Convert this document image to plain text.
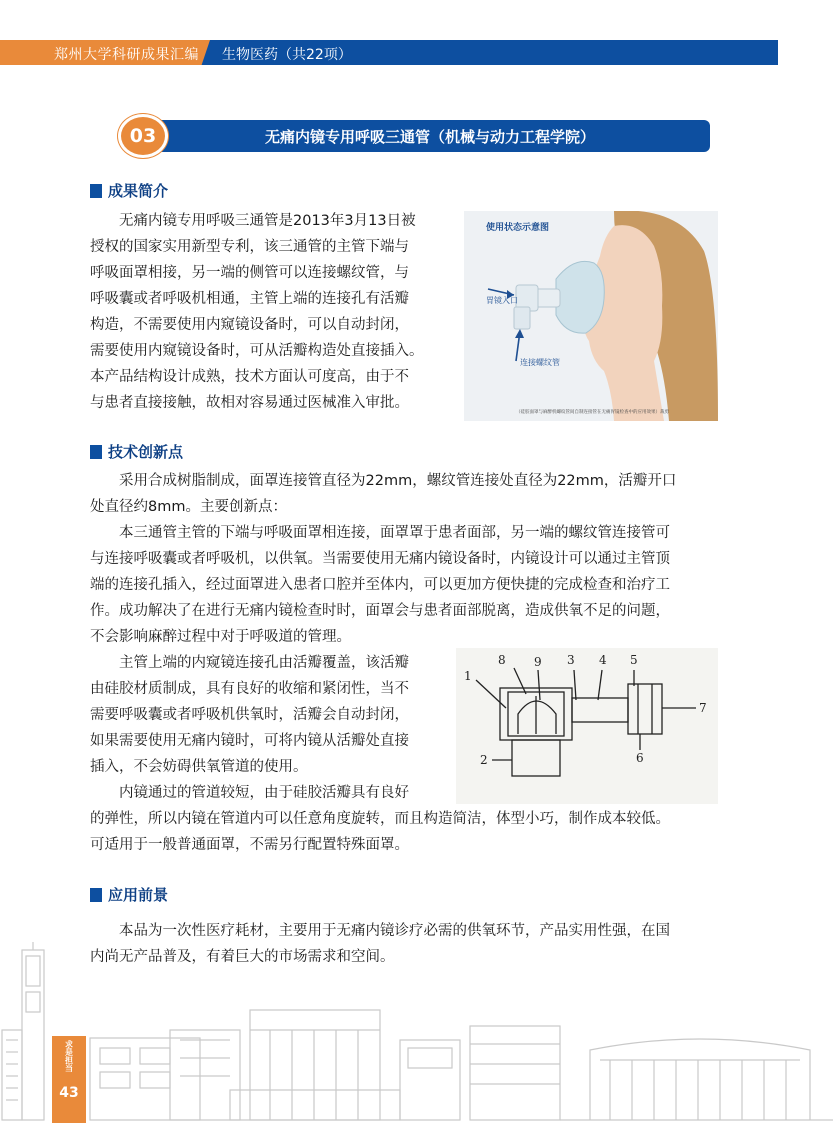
郑州大学科研成果汇编 生物医药（共22项）
无痛内镜专用呼吸三通管（机械与动力工程学院）
03
成果简介

无痛内镜专用呼吸三通管是2013年3月13日被

授权的国家实用新型专利，该三通管的主管下端与

呼吸面罩相接，另一端的侧管可以连接螺纹管，与

呼吸囊或者呼吸机相通，主管上端的连接孔有活瓣

构造，不需要使用内窥镜设备时，可以自动封闭，

需要使用内窥镜设备时，可从活瓣构造处直接插入。

本产品结构设计成熟，技术方面认可度高，由于不

与患者直接接触，故相对容易通过医械准入审批。

使用状态示意图
胃镜入口
连接螺纹管
（硅胶面罩与麻醉机螺纹管间自制连接管在无痛胃镜检查中的应用效果）裁剪
技术创新点

采用合成树脂制成，面罩连接管直径为22mm，螺纹管连接处直径为22mm，活瓣开口

处直径约8mm。主要创新点：

本三通管主管的下端与呼吸面罩相连接，面罩罩于患者面部，另一端的螺纹管连接管可

与连接呼吸囊或者呼吸机，以供氧。当需要使用无痛内镜设备时，内镜设计可以通过主管顶

端的连接孔插入，经过面罩进入患者口腔并至体内，可以更加方便快捷的完成检查和治疗工

作。成功解决了在进行无痛内镜检查时时，面罩会与患者面部脱离，造成供氧不足的问题，

不会影响麻醉过程中对于呼吸道的管理。

主管上端的内窥镜连接孔由活瓣覆盖，该活瓣

由硅胶材质制成，具有良好的收缩和紧闭性，当不

需要呼吸囊或者呼吸机供氧时，活瓣会自动封闭，

如果需要使用无痛内镜时，可将内镜从活瓣处直接

插入，不会妨碍供氧管道的使用。

内镜通过的管道较短，由于硅胶活瓣具有良好

的弹性，所以内镜在管道内可以任意角度旋转，而且构造简洁，体型小巧，制作成本较低。

可适用于一般普通面罩，不需另行配置特殊面罩。

1
2
3 4 5
6
7
8 9
应用前景

本品为一次性医疗耗材，主要用于无痛内镜诊疗必需的供氧环节，产品实用性强，在国

内尚无产品普及，有着巨大的市场需求和空间。

求是担当
43
